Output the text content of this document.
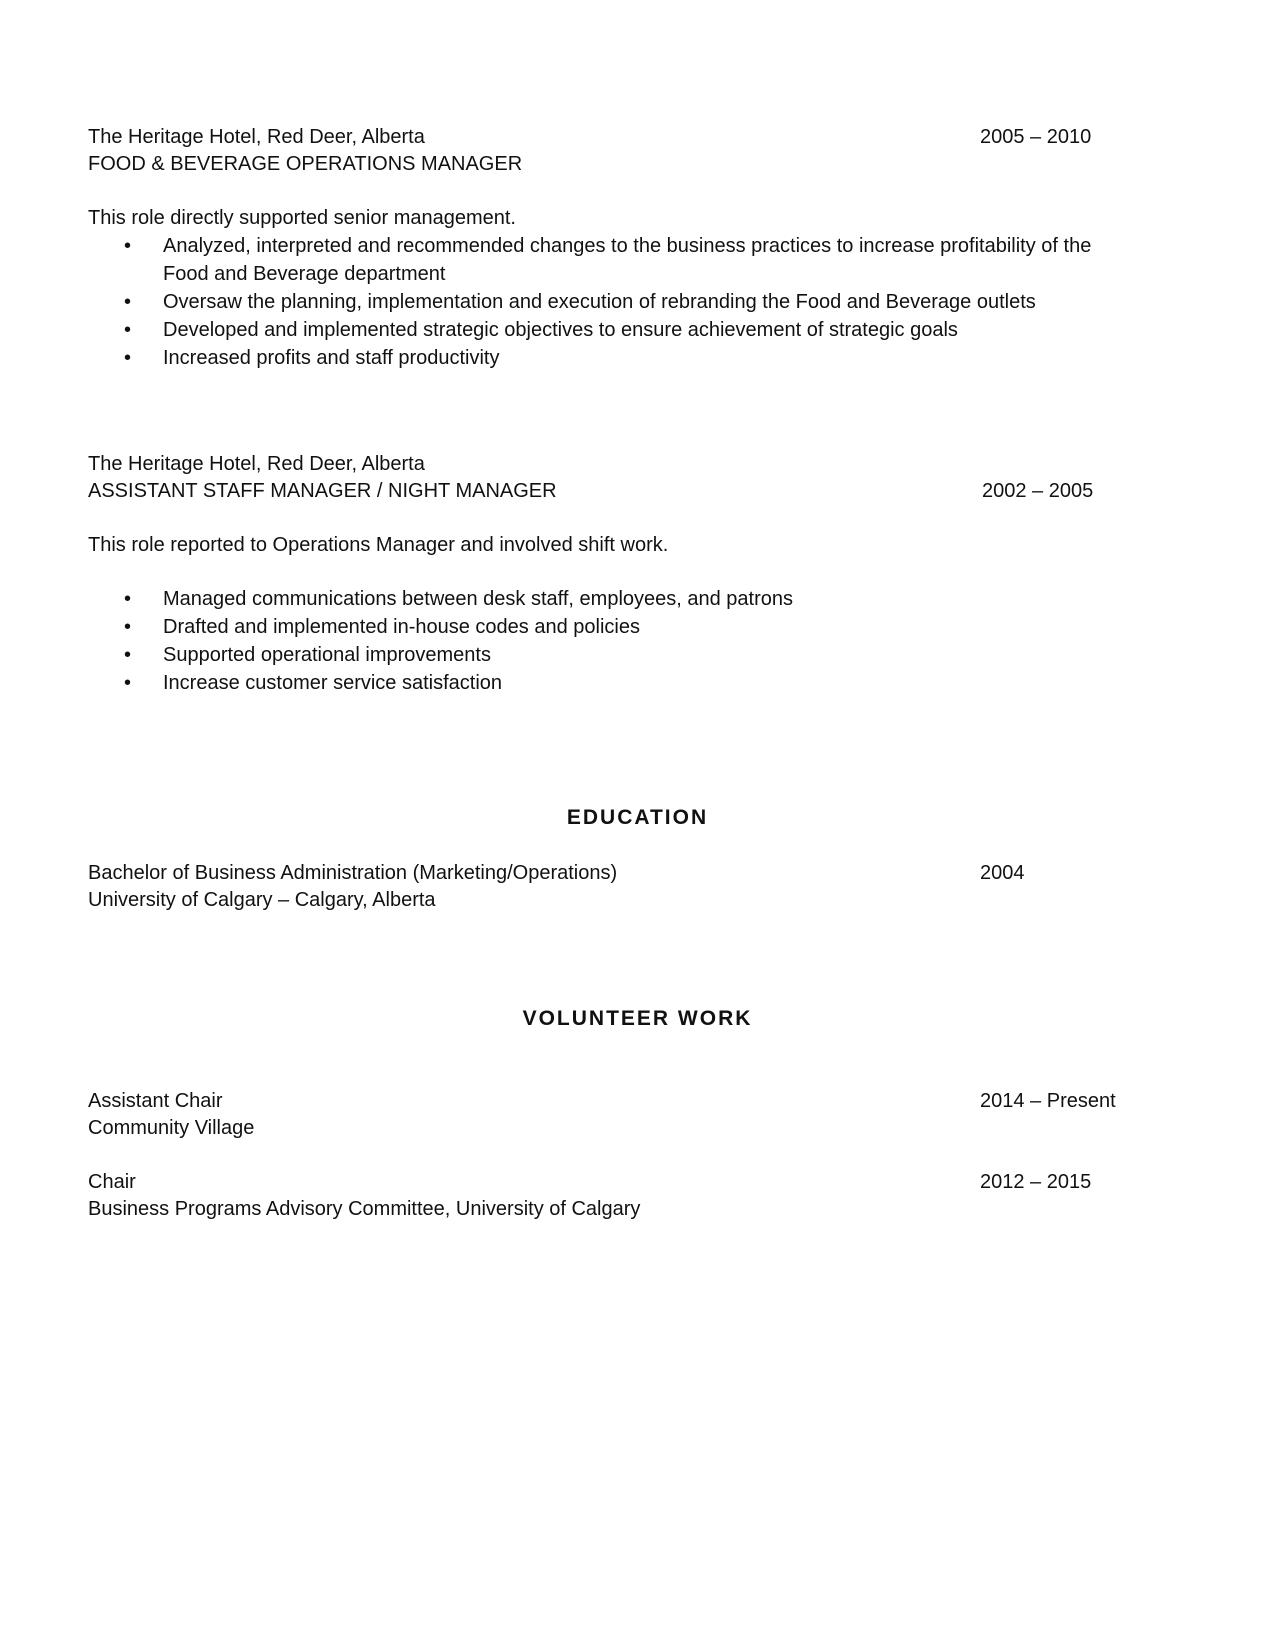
The Heritage Hotel, Red Deer, Alberta	2005 – 2010
FOOD & BEVERAGE OPERATIONS MANAGER
This role directly supported senior management.
• Analyzed, interpreted and recommended changes to the business practices to increase profitability of the
Food and Beverage department
• Oversaw the planning, implementation and execution of rebranding the Food and Beverage outlets
• Developed and implemented strategic objectives to ensure achievement of strategic goals
• Increased profits and staff productivity
The Heritage Hotel, Red Deer, Alberta
ASSISTANT STAFF MANAGER / NIGHT MANAGER	2002 – 2005
This role reported to Operations Manager and involved shift work.
• Managed communications between desk staff, employees, and patrons
• Drafted and implemented in-house codes and policies
• Supported operational improvements
• Increase customer service satisfaction
EDUCATION
Bachelor of Business Administration (Marketing/Operations)	2004
University of Calgary – Calgary, Alberta
VOLUNTEER WORK
Assistant Chair	2014 – Present
Community Village
Chair	2012 – 2015
Business Programs Advisory Committee, University of Calgary
